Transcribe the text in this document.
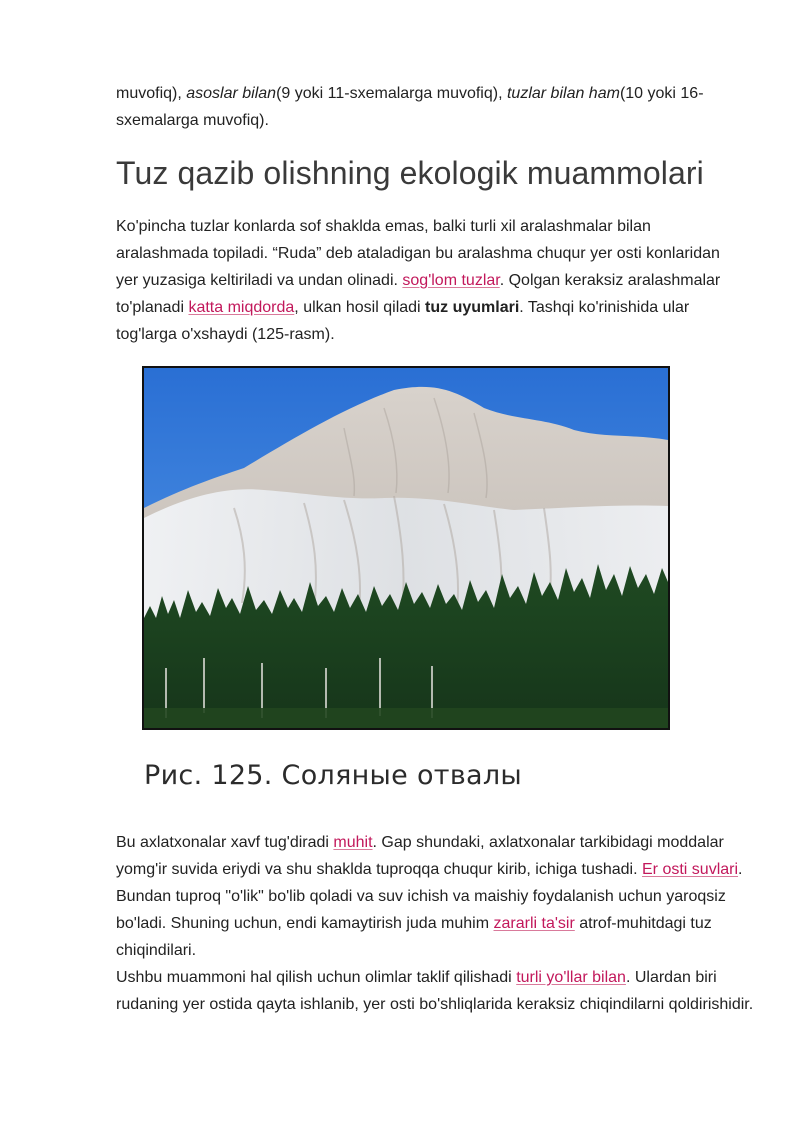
muvofiq), asoslar bilan(9 yoki 11-sxemalarga muvofiq), tuzlar bilan ham(10 yoki 16-sxemalarga muvofiq).

Tuz qazib olishning ekologik muammolari

Ko'pincha tuzlar konlarda sof shaklda emas, balki turli xil aralashmalar bilan aralashmada topiladi. “Ruda” deb ataladigan bu aralashma chuqur yer osti konlaridan yer yuzasiga keltiriladi va undan olinadi. sog'lom tuzlar. Qolgan keraksiz aralashmalar to'planadi katta miqdorda, ulkan hosil qiladi tuz uyumlari. Tashqi ko'rinishida ular tog'larga o'xshaydi (125-rasm).

Рис. 125. Соляные отвалы

Bu axlatxonalar xavf tug'diradi muhit. Gap shundaki, axlatxonalar tarkibidagi moddalar yomg'ir suvida eriydi va shu shaklda tuproqqa chuqur kirib, ichiga tushadi. Er osti suvlari. Bundan tuproq "o'lik" bo'lib qoladi va suv ichish va maishiy foydalanish uchun yaroqsiz bo'ladi. Shuning uchun, endi kamaytirish juda muhim zararli ta'sir atrof-muhitdagi tuz chiqindilari.

Ushbu muammoni hal qilish uchun olimlar taklif qilishadi turli yo'llar bilan. Ulardan biri rudaning yer ostida qayta ishlanib, yer osti bo'shliqlarida keraksiz chiqindilarni qoldirishidir.
